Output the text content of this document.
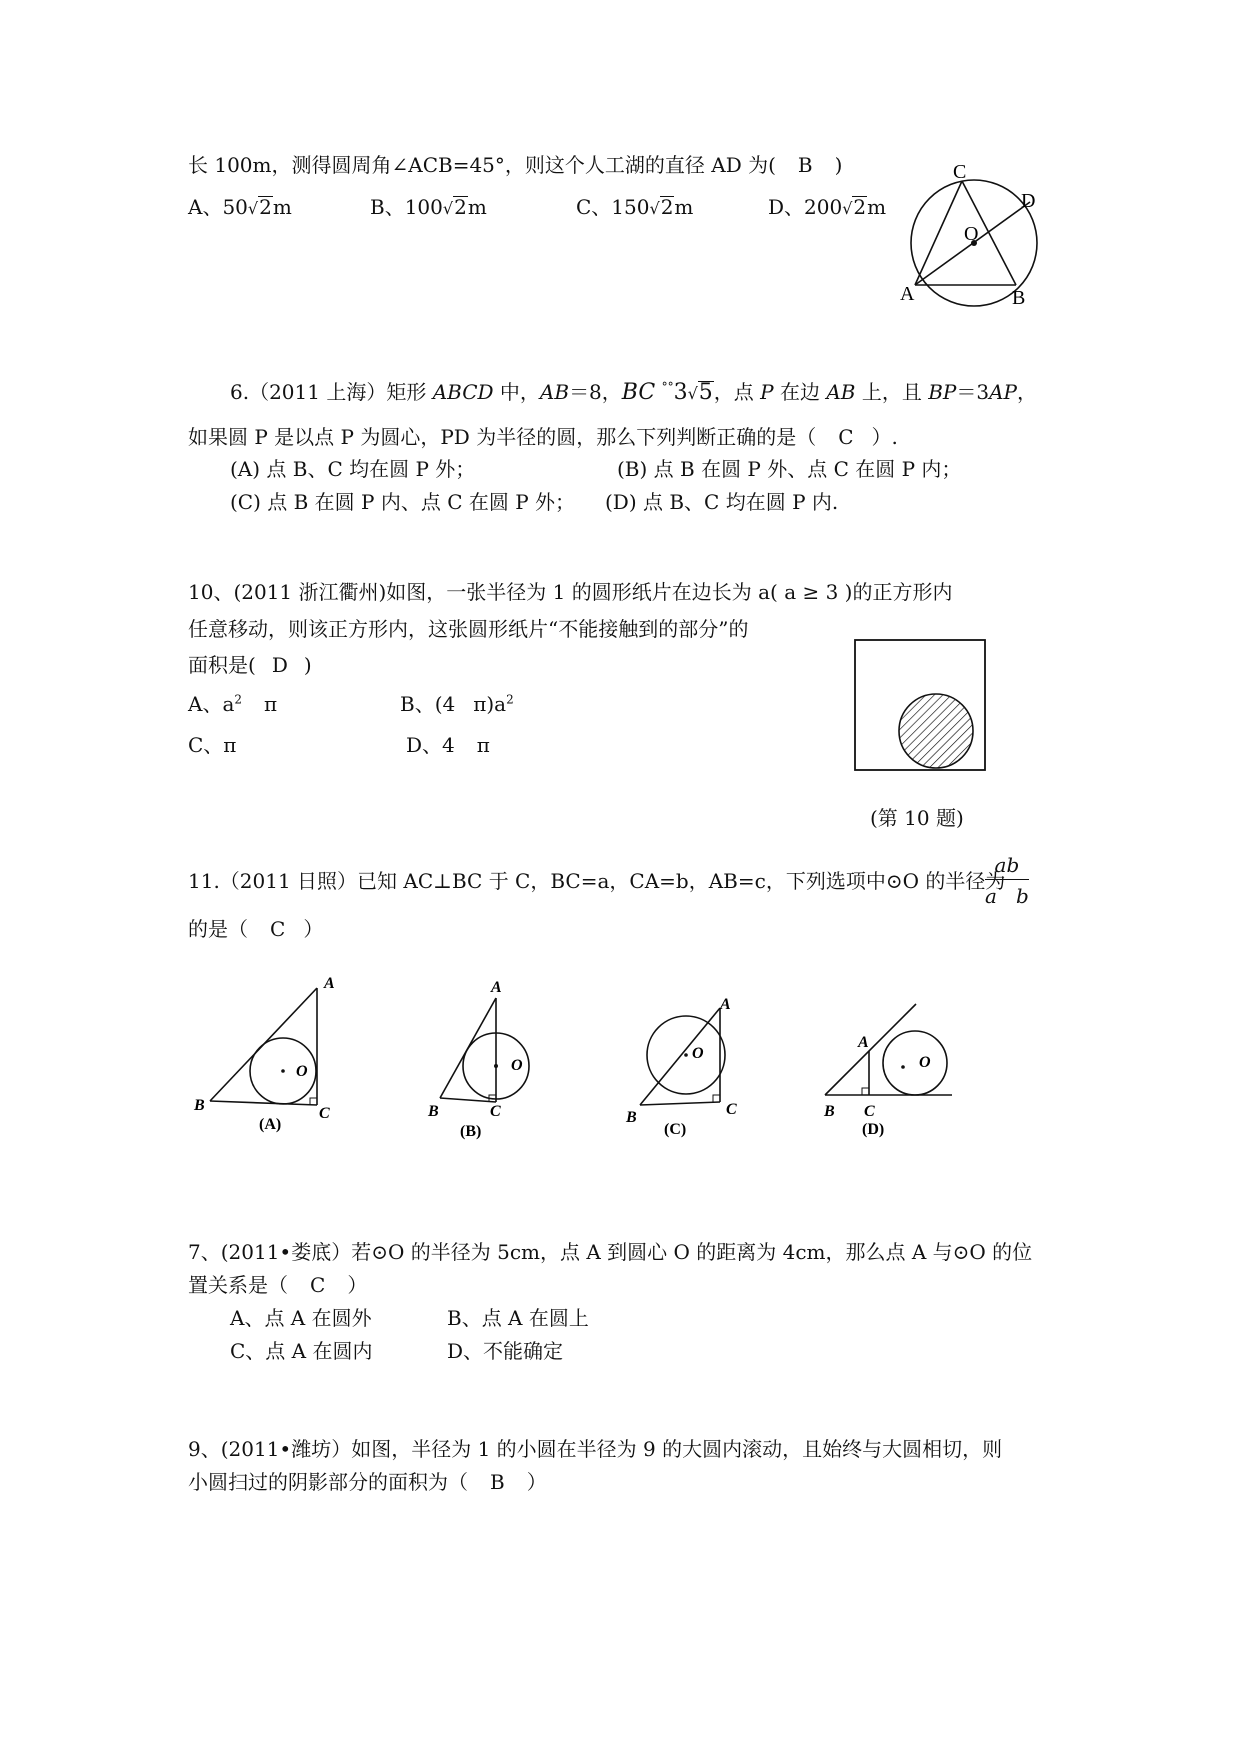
长 100m，测得圆周角∠ACB=45°，则这个人工湖的直径 AD 为( B )
A、50√2m	B、100√2m	C、150√2m	D、200√2m
C
D
O
A	B
6.（2011 上海）矩形 ABCD 中，AB＝8，BC °°3√5，点 P 在边 AB 上，且 BP＝3AP，
如果圆 P 是以点 P 为圆心，PD 为半径的圆，那么下列判断正确的是（ C ）.
(A) 点 B、C 均在圆 P 外；	(B) 点 B 在圆 P 外、点 C 在圆 P 内；
(C) 点 B 在圆 P 内、点 C 在圆 P 外； (D) 点 B、C 均在圆 P 内.
10、(2011 浙江衢州)如图，一张半径为 1 的圆形纸片在边长为 a( a ≥ 3 )的正方形内
任意移动，则该正方形内，这张圆形纸片“不能接触到的部分”的
面积是( D )
A、$a^2$ π	B、(4 $\pi)a^2$
C、π	D、4 π
(第 10 题)
11.（2011 日照）已知 AC⊥BC 于 C，BC=a，CA=b，AB=c，下列选项中⊙O 的半径为
$\frac{ab}{\text{a   b}}$
的是（ C ）
A
B	C
O
(A)
A
B	C
O
(B)
A
B	C
O
(C)
A
B C
O
(D)
7、(2011•娄底）若⊙O 的半径为 5cm，点 A 到圆心 O 的距离为 4cm，那么点 A 与⊙O 的位
置关系是（ C ）
A、点 A 在圆外	B、点 A 在圆上
C、点 A 在圆内	D、不能确定
9、(2011•潍坊）如图，半径为 1 的小圆在半径为 9 的大圆内滚动，且始终与大圆相切，则
小圆扫过的阴影部分的面积为（ B ）
